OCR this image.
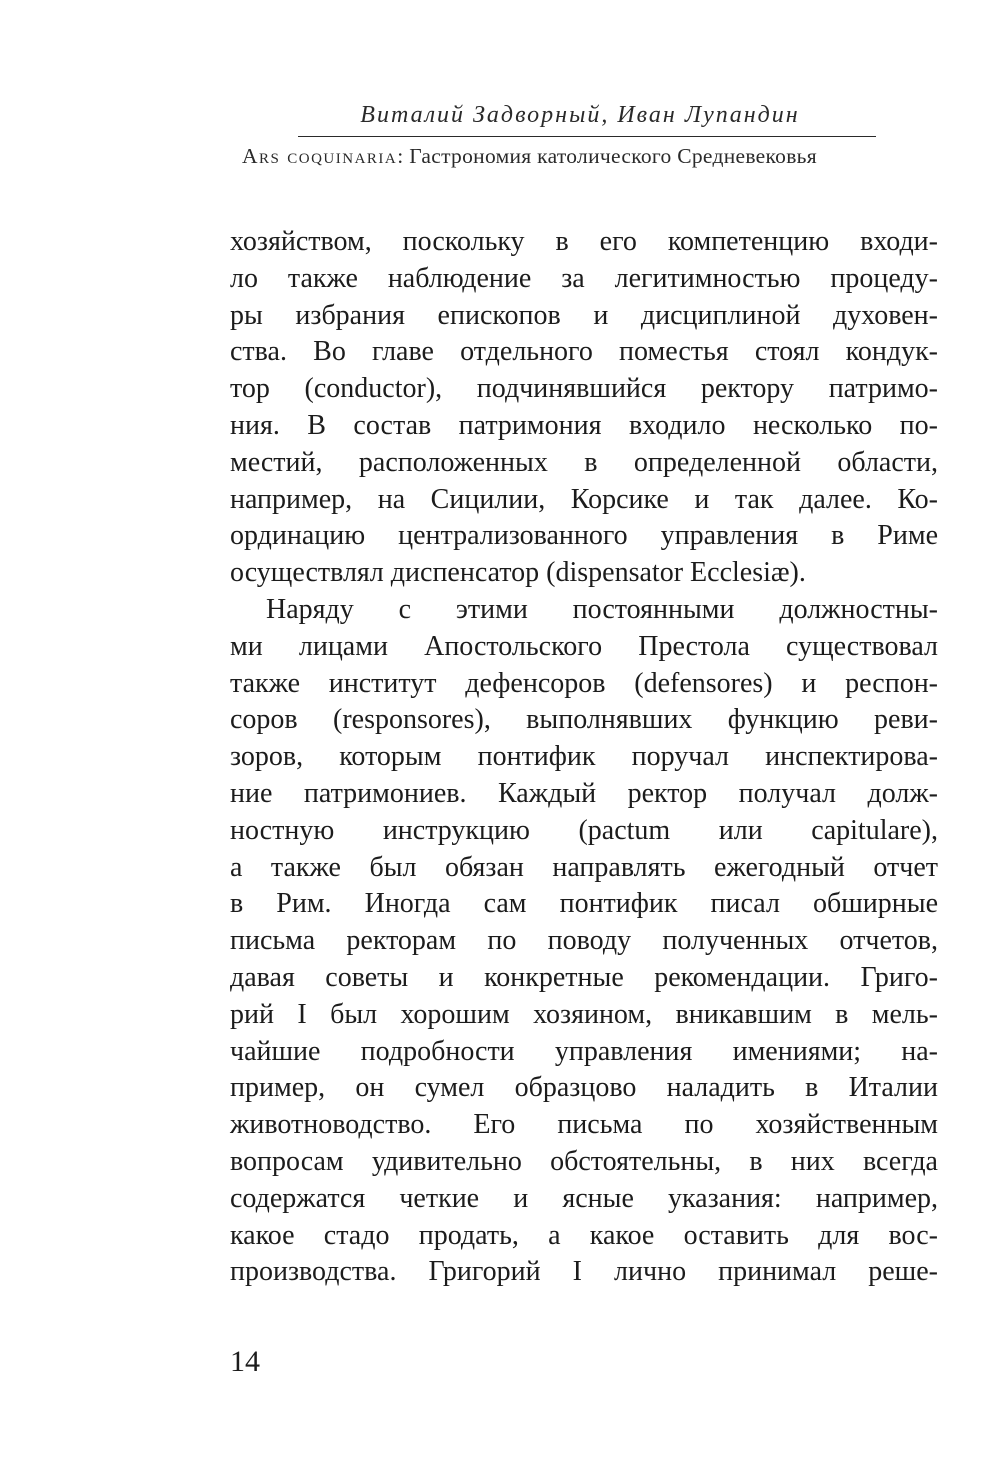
Виталий Задворный, Иван Лупандин
Ars coquinaria: Гастрономия католического Средневековья
хозяйством, поскольку в его компетенцию входи-
ло также наблюдение за легитимностью процеду-
ры избрания епископов и дисциплиной духовен-
ства. Во главе отдельного поместья стоял кондук-
тор (conductor), подчинявшийся ректору патримо-
ния. В состав патримония входило несколько по-
местий, расположенных в определенной области,
например, на Сицилии, Корсике и так далее. Ко-
ординацию централизованного управления в Риме
осуществлял диспенсатор (dispensator Ecclesiæ).
Наряду с этими постоянными должностны-
ми лицами Апостольского Престола существовал
также институт дефенсоров (defensores) и респон-
соров (responsores), выполнявших функцию реви-
зоров, которым понтифик поручал инспектирова-
ние патримониев. Каждый ректор получал долж-
ностную инструкцию (pactum или capitulare),
а также был обязан направлять ежегодный отчет
в Рим. Иногда сам понтифик писал обширные
письма ректорам по поводу полученных отчетов,
давая советы и конкретные рекомендации. Григо-
рий I был хорошим хозяином, вникавшим в мель-
чайшие подробности управления имениями; на-
пример, он сумел образцово наладить в Италии
животноводство. Его письма по хозяйственным
вопросам удивительно обстоятельны, в них всегда
содержатся четкие и ясные указания: например,
какое стадо продать, а какое оставить для вос-
производства. Григорий I лично принимал реше-
14
